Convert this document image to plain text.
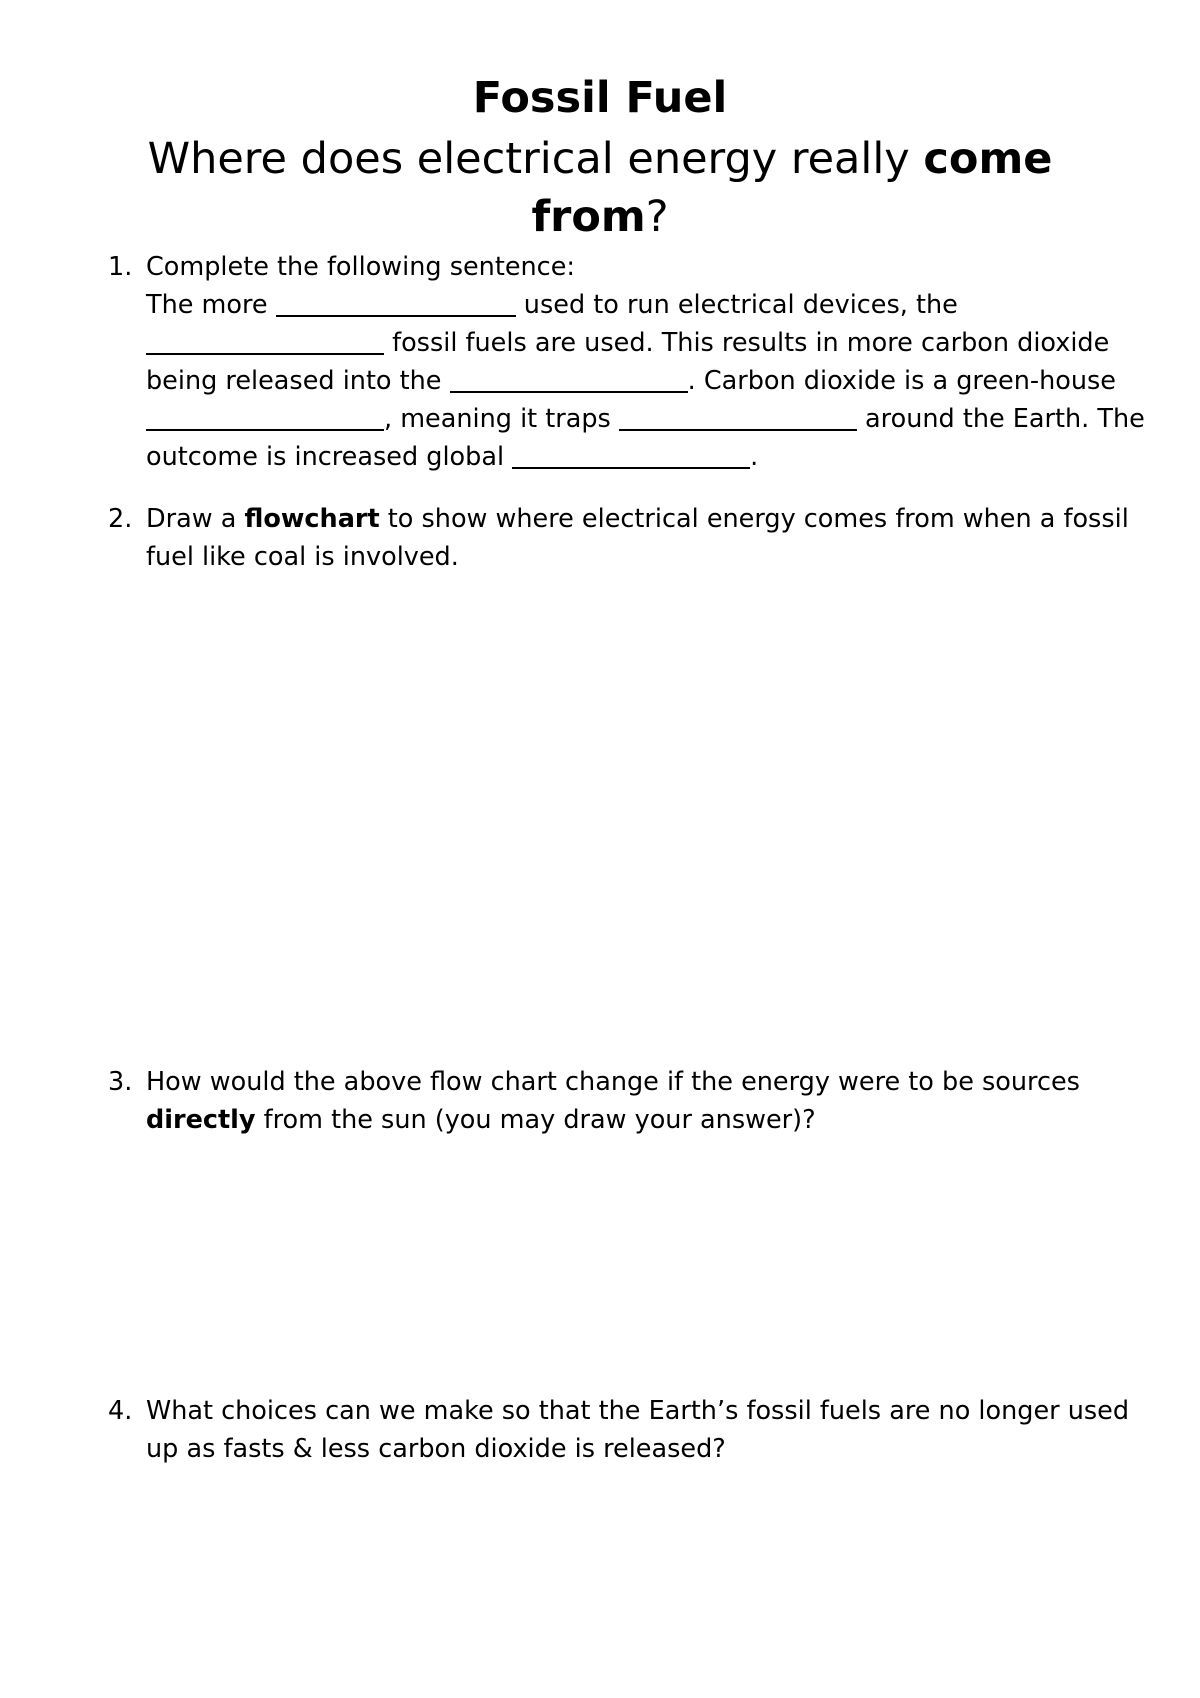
Fossil Fuel
Where does electrical energy really come from?
1. Complete the following sentence:
The more	used to run electrical devices, the
fossil fuels are used. This results in more carbon dioxide being released into the	. Carbon dioxide is a green-house , meaning it traps	around the Earth. The outcome is increased global	.
2. Draw a flowchart to show where electrical energy comes from when a fossil fuel like coal is involved.
3. How would the above flow chart change if the energy were to be sources directly from the sun (you may draw your answer)?
4. What choices can we make so that the Earth’s fossil fuels are no longer used up as fasts & less carbon dioxide is released?
